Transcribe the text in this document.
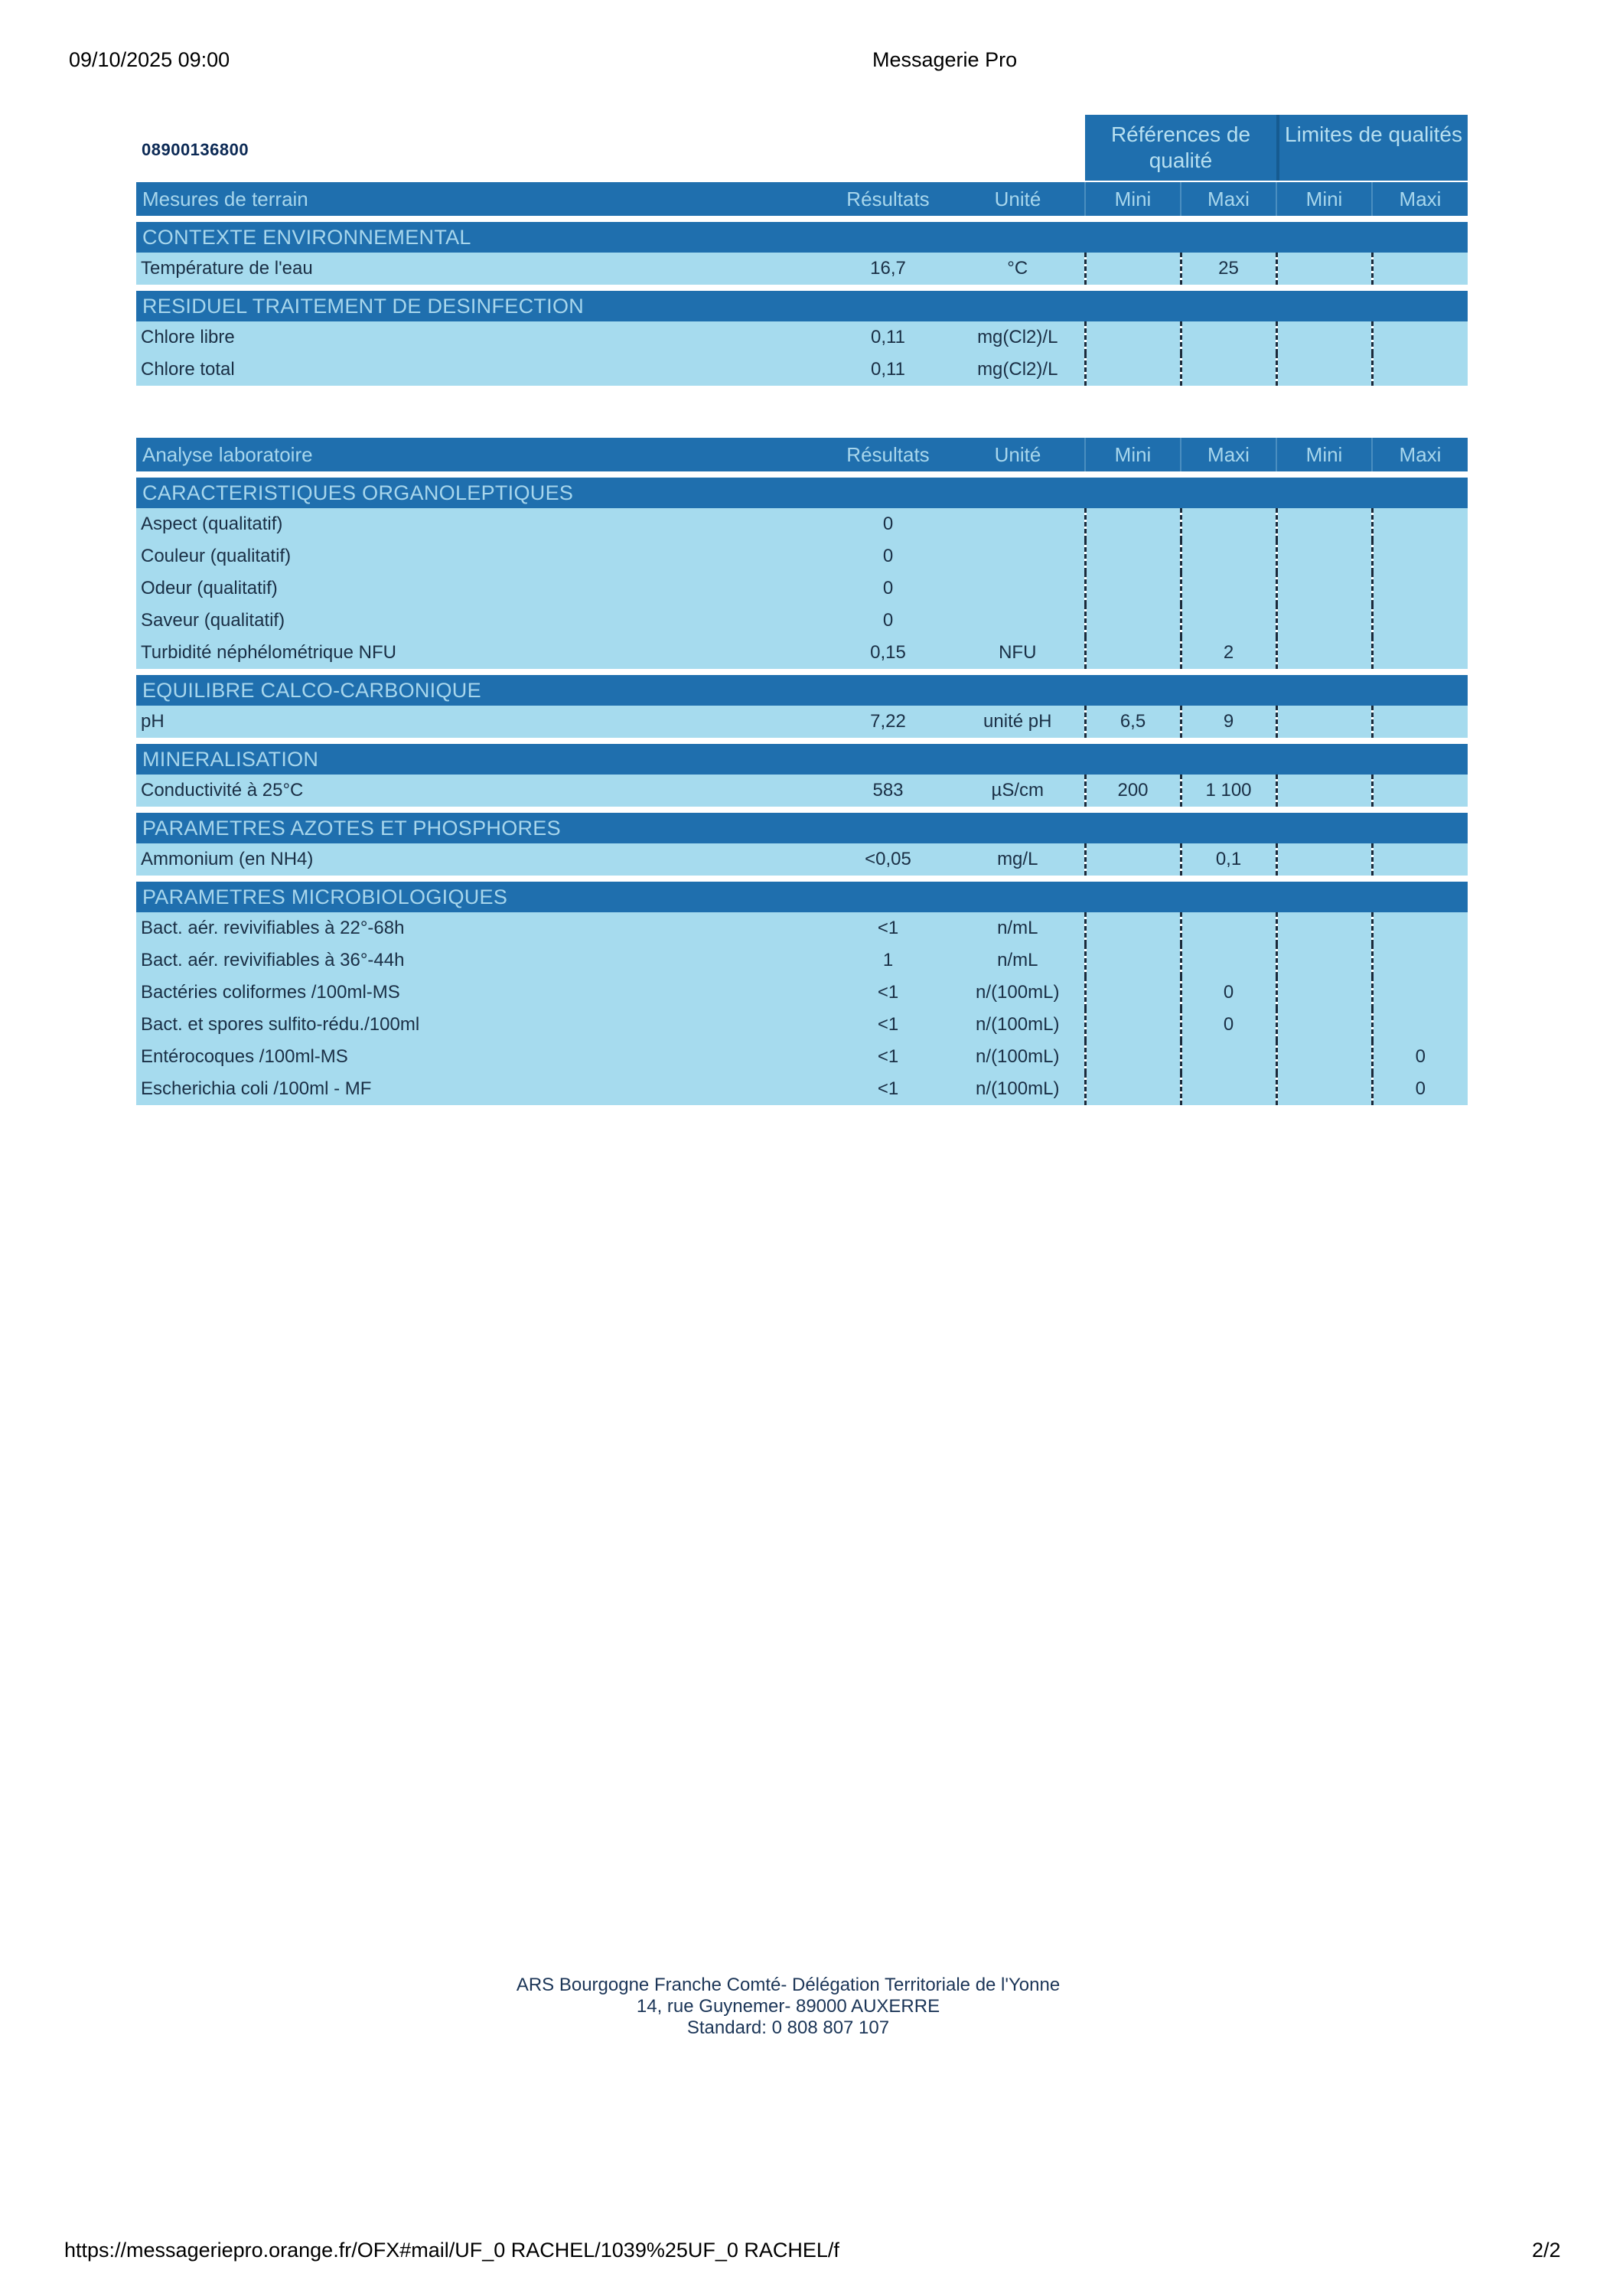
09/10/2025 09:00	Messagerie Pro
08900136800
Références de qualité
Limites de qualités
Mesures de terrain	Résultats	Unité	Mini	Maxi	Mini	Maxi

CONTEXTE ENVIRONNEMENTAL						
Température de l'eau	16,7	°C		25		

RESIDUEL TRAITEMENT DE DESINFECTION						
Chlore libre	0,11	mg(Cl2)/L				
Chlore total	0,11	mg(Cl2)/L				
Analyse laboratoire	Résultats	Unité	Mini	Maxi	Mini	Maxi

CARACTERISTIQUES ORGANOLEPTIQUES						
Aspect (qualitatif)	0					
Couleur (qualitatif)	0					
Odeur (qualitatif)	0					
Saveur (qualitatif)	0					
Turbidité néphélométrique NFU	0,15	NFU		2		

EQUILIBRE CALCO-CARBONIQUE						
pH	7,22	unité pH	6,5	9		

MINERALISATION						
Conductivité à 25°C	583	µS/cm	200	1 100		

PARAMETRES AZOTES ET PHOSPHORES						
Ammonium (en NH4)	<0,05	mg/L		0,1		

PARAMETRES MICROBIOLOGIQUES						
Bact. aér. revivifiables à 22°-68h	<1	n/mL				
Bact. aér. revivifiables à 36°-44h	1	n/mL				
Bactéries coliformes /100ml-MS	<1	n/(100mL)		0		
Bact. et spores sulfito-rédu./100ml	<1	n/(100mL)		0		
Entérocoques /100ml-MS	<1	n/(100mL)				0
Escherichia coli /100ml - MF	<1	n/(100mL)				0
ARS Bourgogne Franche Comté- Délégation Territoriale de l'Yonne
14, rue Guynemer- 89000 AUXERRE
Standard: 0 808 807 107
https://messageriepro.orange.fr/OFX#mail/UF_0 RACHEL/1039%25UF_0 RACHEL/f	2/2
